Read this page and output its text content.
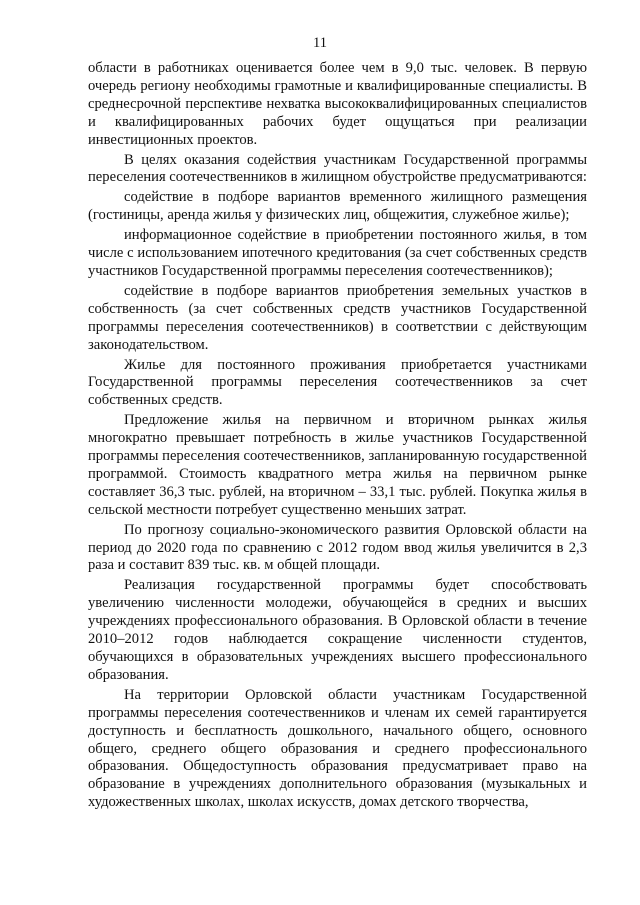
11

области в работниках оценивается более чем в 9,0 тыс. человек. В первую очередь региону необходимы грамотные и квалифицированные специалисты. В среднесрочной перспективе нехватка высококвалифицированных специалистов и квалифицированных рабочих будет ощущаться при реализации инвестиционных проектов.

В целях оказания содействия участникам Государственной программы переселения соотечественников в жилищном обустройстве предусматриваются:

содействие в подборе вариантов временного жилищного размещения (гостиницы, аренда жилья у физических лиц, общежития, служебное жилье);

информационное содействие в приобретении постоянного жилья, в том числе с использованием ипотечного кредитования (за счет собственных средств участников Государственной программы переселения соотечественников);

содействие в подборе вариантов приобретения земельных участков в собственность (за счет собственных средств участников Государственной программы переселения соотечественников) в соответствии с действующим законодательством.

Жилье для постоянного проживания приобретается участниками Государственной программы переселения соотечественников за счет собственных средств.

Предложение жилья на первичном и вторичном рынках жилья многократно превышает потребность в жилье участников Государственной программы переселения соотечественников, запланированную государственной программой. Стоимость квадратного метра жилья на первичном рынке составляет 36,3 тыс. рублей, на вторичном – 33,1 тыс. рублей. Покупка жилья в сельской местности потребует существенно меньших затрат.

По прогнозу социально-экономического развития Орловской области на период до 2020 года по сравнению с 2012 годом ввод жилья увеличится в 2,3 раза и составит 839 тыс. кв. м общей площади.

Реализация государственной программы будет способствовать увеличению численности молодежи, обучающейся в средних и высших учреждениях профессионального образования. В Орловской области в течение 2010–2012 годов наблюдается сокращение численности студентов, обучающихся в образовательных учреждениях высшего профессионального образования.

На территории Орловской области участникам Государственной программы переселения соотечественников и членам их семей гарантируется доступность и бесплатность дошкольного, начального общего, основного общего, среднего общего образования и среднего профессионального образования. Общедоступность образования предусматривает право на образование в учреждениях дополнительного образования (музыкальных и художественных школах, школах искусств, домах детского творчества,
